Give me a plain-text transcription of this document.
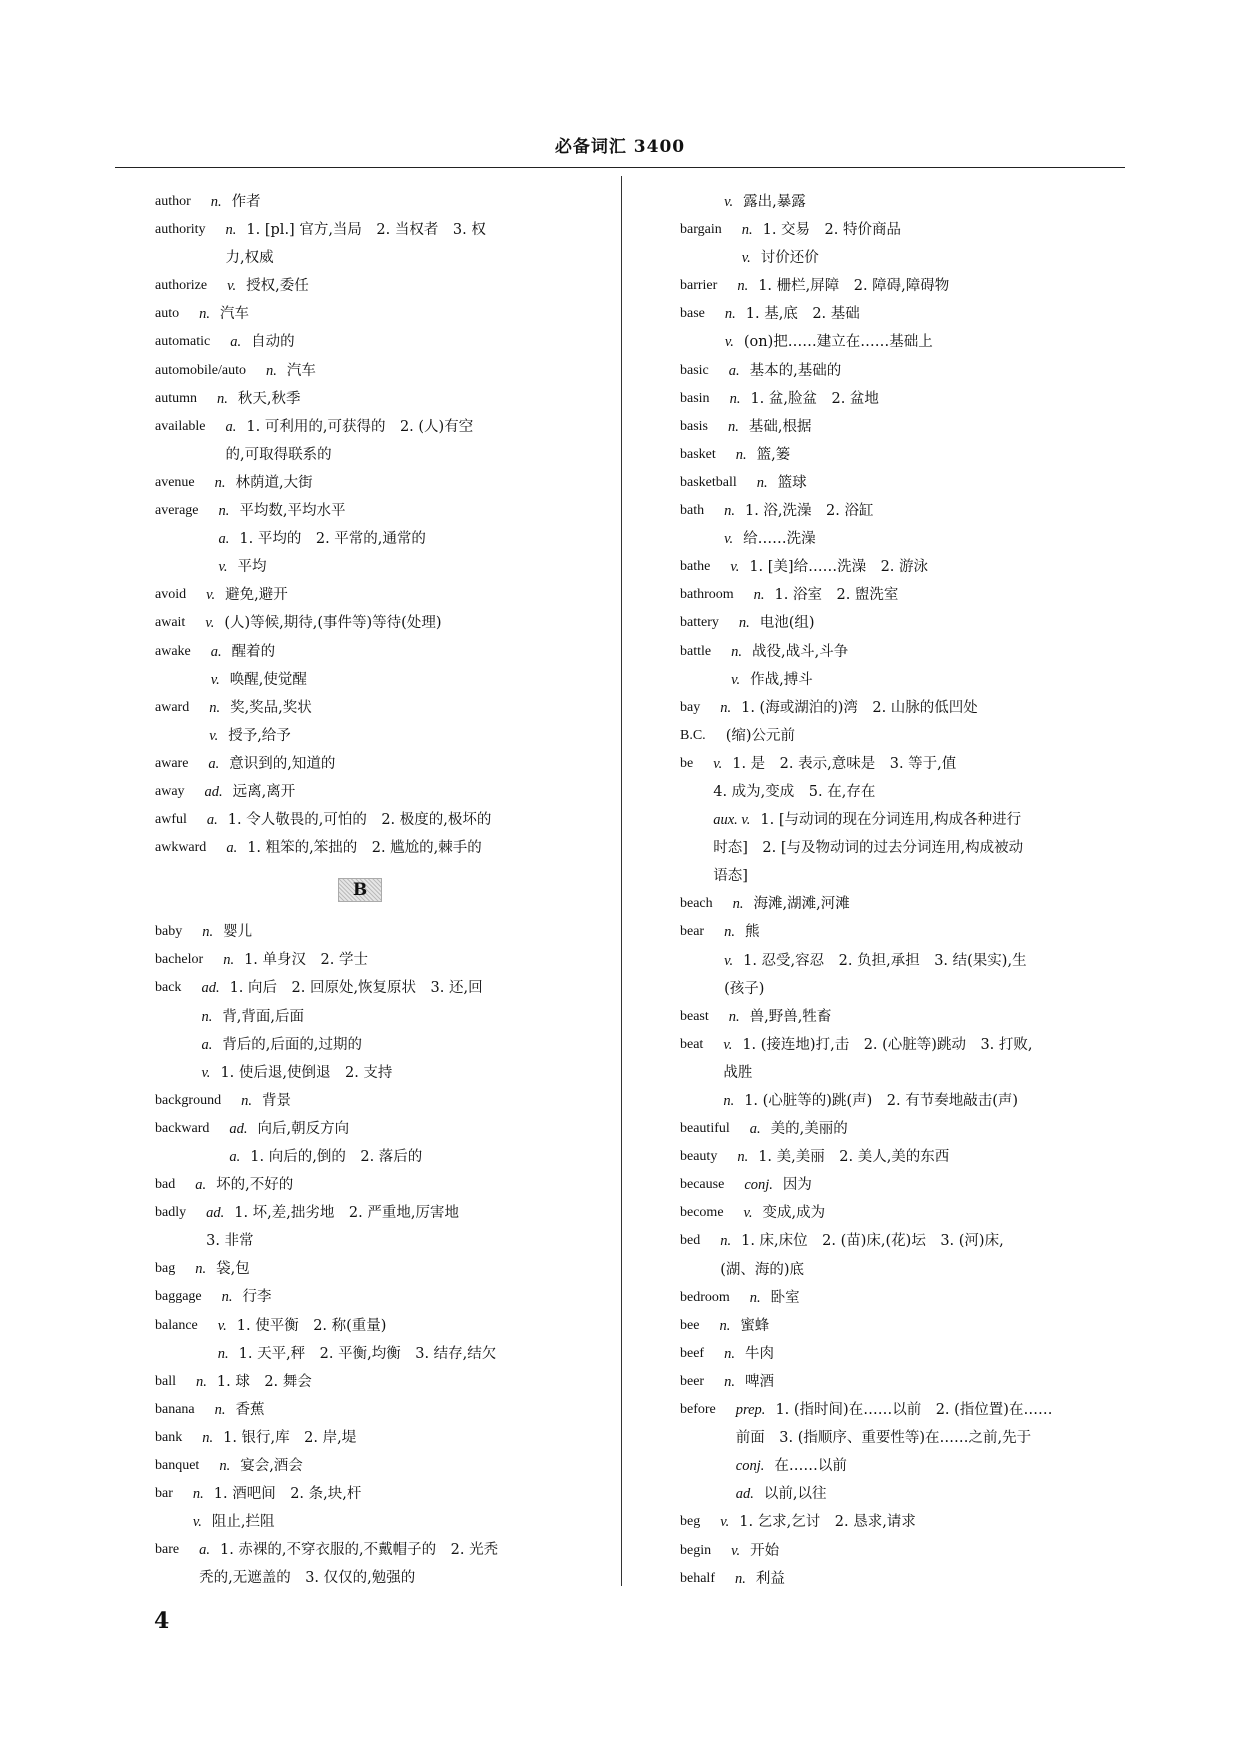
必备词汇 3400
author n. 作者
authority n. 1. [pl.] 官方,当局　2. 当权者　3. 权
力,权威
authorize v. 授权,委任
auto n. 汽车
automatic a. 自动的
automobile/auto n. 汽车
autumn n. 秋天,秋季
available a. 1. 可利用的,可获得的　2. (人)有空
的,可取得联系的
avenue n. 林荫道,大街
average n. 平均数,平均水平
a. 1. 平均的　2. 平常的,通常的
v. 平均
avoid v. 避免,避开
await v. (人)等候,期待,(事件等)等待(处理)
awake a. 醒着的
v. 唤醒,使觉醒
award n. 奖,奖品,奖状
v. 授予,给予
aware a. 意识到的,知道的
away ad. 远离,离开
awful a. 1. 令人敬畏的,可怕的　2. 极度的,极坏的
awkward a. 1. 粗笨的,笨拙的　2. 尴尬的,棘手的
B
baby n. 婴儿
bachelor n. 1. 单身汉　2. 学士
back ad. 1. 向后　2. 回原处,恢复原状　3. 还,回
n. 背,背面,后面
a. 背后的,后面的,过期的
v. 1. 使后退,使倒退　2. 支持
background n. 背景
backward ad. 向后,朝反方向
a. 1. 向后的,倒的　2. 落后的
bad a. 坏的,不好的
badly ad. 1. 坏,差,拙劣地　2. 严重地,厉害地
3. 非常
bag n. 袋,包
baggage n. 行李
balance v. 1. 使平衡　2. 称(重量)
n. 1. 天平,秤　2. 平衡,均衡　3. 结存,结欠
ball n. 1. 球　2. 舞会
banana n. 香蕉
bank n. 1. 银行,库　2. 岸,堤
banquet n. 宴会,酒会
bar n. 1. 酒吧间　2. 条,块,杆
v. 阻止,拦阻
bare a. 1. 赤裸的,不穿衣服的,不戴帽子的　2. 光秃
秃的,无遮盖的　3. 仅仅的,勉强的
v. 露出,暴露
bargain n. 1. 交易　2. 特价商品
v. 讨价还价
barrier n. 1. 栅栏,屏障　2. 障碍,障碍物
base n. 1. 基,底　2. 基础
v. (on)把……建立在……基础上
basic a. 基本的,基础的
basin n. 1. 盆,脸盆　2. 盆地
basis n. 基础,根据
basket n. 篮,篓
basketball n. 篮球
bath n. 1. 浴,洗澡　2. 浴缸
v. 给……洗澡
bathe v. 1. [美]给……洗澡　2. 游泳
bathroom n. 1. 浴室　2. 盥洗室
battery n. 电池(组)
battle n. 战役,战斗,斗争
v. 作战,搏斗
bay n. 1. (海或湖泊的)湾　2. 山脉的低凹处
B.C. (缩)公元前
be v. 1. 是　2. 表示,意味是　3. 等于,值
4. 成为,变成　5. 在,存在
aux. v. 1. [与动词的现在分词连用,构成各种进行
时态]　2. [与及物动词的过去分词连用,构成被动
语态]
beach n. 海滩,湖滩,河滩
bear n. 熊
v. 1. 忍受,容忍　2. 负担,承担　3. 结(果实),生
(孩子)
beast n. 兽,野兽,牲畜
beat v. 1. (接连地)打,击　2. (心脏等)跳动　3. 打败,
战胜
n. 1. (心脏等的)跳(声)　2. 有节奏地敲击(声)
beautiful a. 美的,美丽的
beauty n. 1. 美,美丽　2. 美人,美的东西
because conj. 因为
become v. 变成,成为
bed n. 1. 床,床位　2. (苗)床,(花)坛　3. (河)床,
(湖、海的)底
bedroom n. 卧室
bee n. 蜜蜂
beef n. 牛肉
beer n. 啤酒
before prep. 1. (指时间)在……以前　2. (指位置)在……
前面　3. (指顺序、重要性等)在……之前,先于
conj. 在……以前
ad. 以前,以往
beg v. 1. 乞求,乞讨　2. 恳求,请求
begin v. 开始
behalf n. 利益
4
